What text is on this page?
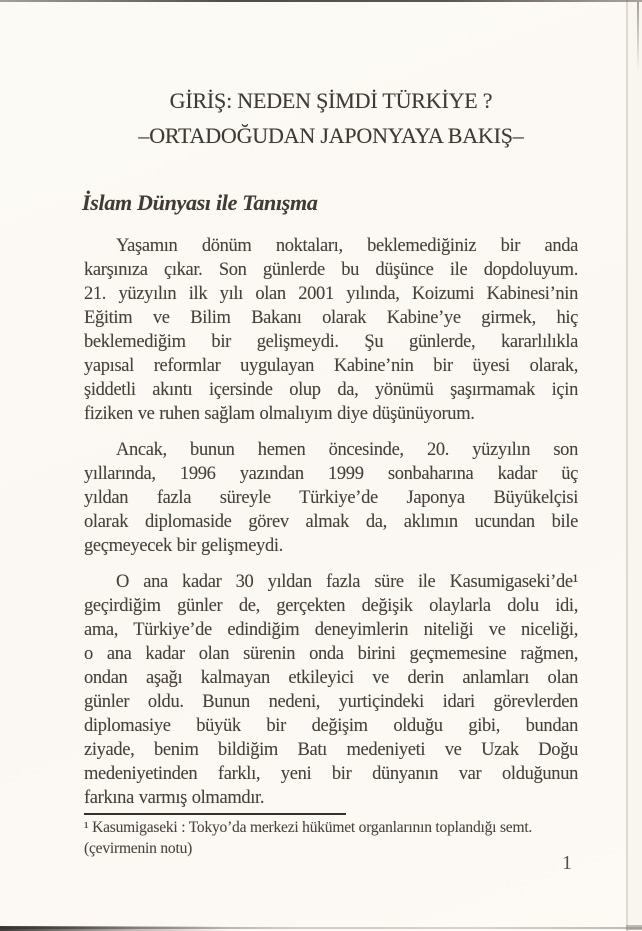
GİRİŞ: NEDEN ŞİMDİ TÜRKİYE ?
–ORTADOĞUDAN JAPONYAYA BAKIŞ–
İslam Dünyası ile Tanışma
Yaşamın dönüm noktaları, beklemediğiniz bir anda
karşınıza çıkar. Son günlerde bu düşünce ile dopdoluyum.
21. yüzyılın ilk yılı olan 2001 yılında, Koizumi Kabinesi’nin
Eğitim ve Bilim Bakanı olarak Kabine’ye girmek, hiç
beklemediğim bir gelişmeydi. Şu günlerde, kararlılıkla
yapısal reformlar uygulayan Kabine’nin bir üyesi olarak,
şiddetli akıntı içersinde olup da, yönümü şaşırmamak için
fiziken ve ruhen sağlam olmalıyım diye düşünüyorum.
Ancak, bunun hemen öncesinde, 20. yüzyılın son
yıllarında, 1996 yazından 1999 sonbaharına kadar üç
yıldan fazla süreyle Türkiye’de Japonya Büyükelçisi
olarak diplomaside görev almak da, aklımın ucundan bile
geçmeyecek bir gelişmeydi.
O ana kadar 30 yıldan fazla süre ile Kasumigaseki’de¹
geçirdiğim günler de, gerçekten değişik olaylarla dolu idi,
ama, Türkiye’de edindiğim deneyimlerin niteliği ve niceliği,
o ana kadar olan sürenin onda birini geçmemesine rağmen,
ondan aşağı kalmayan etkileyici ve derin anlamları olan
günler oldu. Bunun nedeni, yurtiçindeki idari görevlerden
diplomasiye büyük bir değişim olduğu gibi, bundan
ziyade, benim bildiğim Batı medeniyeti ve Uzak Doğu
medeniyetinden farklı, yeni bir dünyanın var olduğunun
farkına varmış olmamdır.
¹ Kasumigaseki : Tokyo’da merkezi hükümet organlarının toplandığı semt.
(çevirmenin notu)
1
